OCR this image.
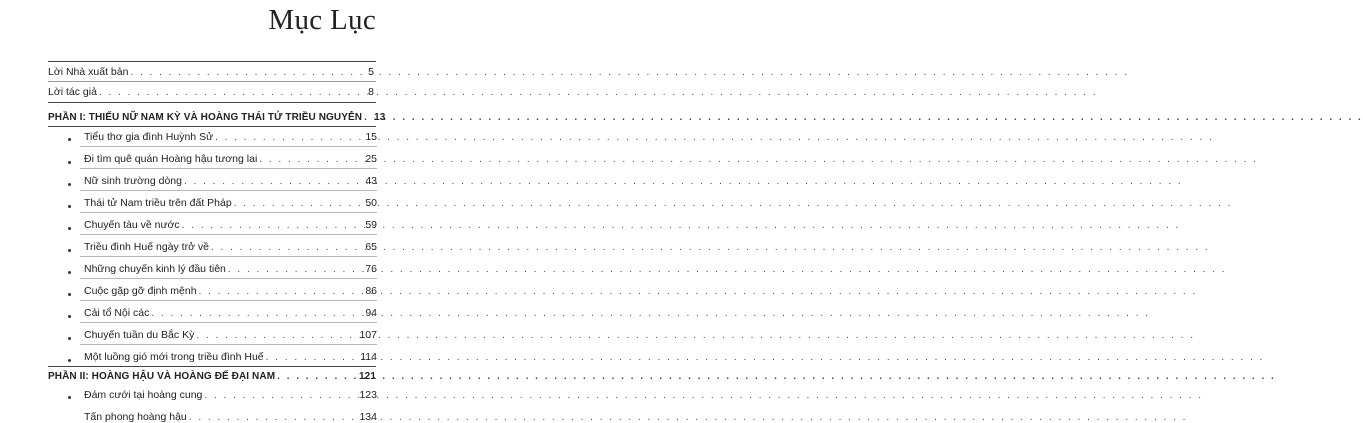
Mục Lục
Lời Nhà xuất bản . . .	5
Lời tác giả . . .	8
PHẦN I: THIẾU NỮ NAM KỲ VÀ HOÀNG THÁI TỬ TRIỀU NGUYỄN . . . 13
Tiểu thơ gia đình Huỳnh Sử . . .	15
Đi tìm quê quán Hoàng hậu tương lai . . .	25
Nữ sinh trường dòng . . .	43
Thái tử Nam triều trên đất Pháp . . .	50
Chuyến tàu về nước . . .	59
Triều đình Huế ngày trở về . . .	65
Những chuyến kinh lý đầu tiên . . .	76
Cuộc gặp gỡ định mệnh . . .	86
Cải tổ Nội các . . .	94
Chuyến tuần du Bắc Kỳ . . .	107
Một luồng gió mới trong triều đình Huế . . .	114
PHẦN II: HOÀNG HẬU VÀ HOÀNG ĐẾ ĐẠI NAM . . .	121
Đám cưới tại hoàng cung . . .	123
Tấn phong hoàng hậu . . .	134
